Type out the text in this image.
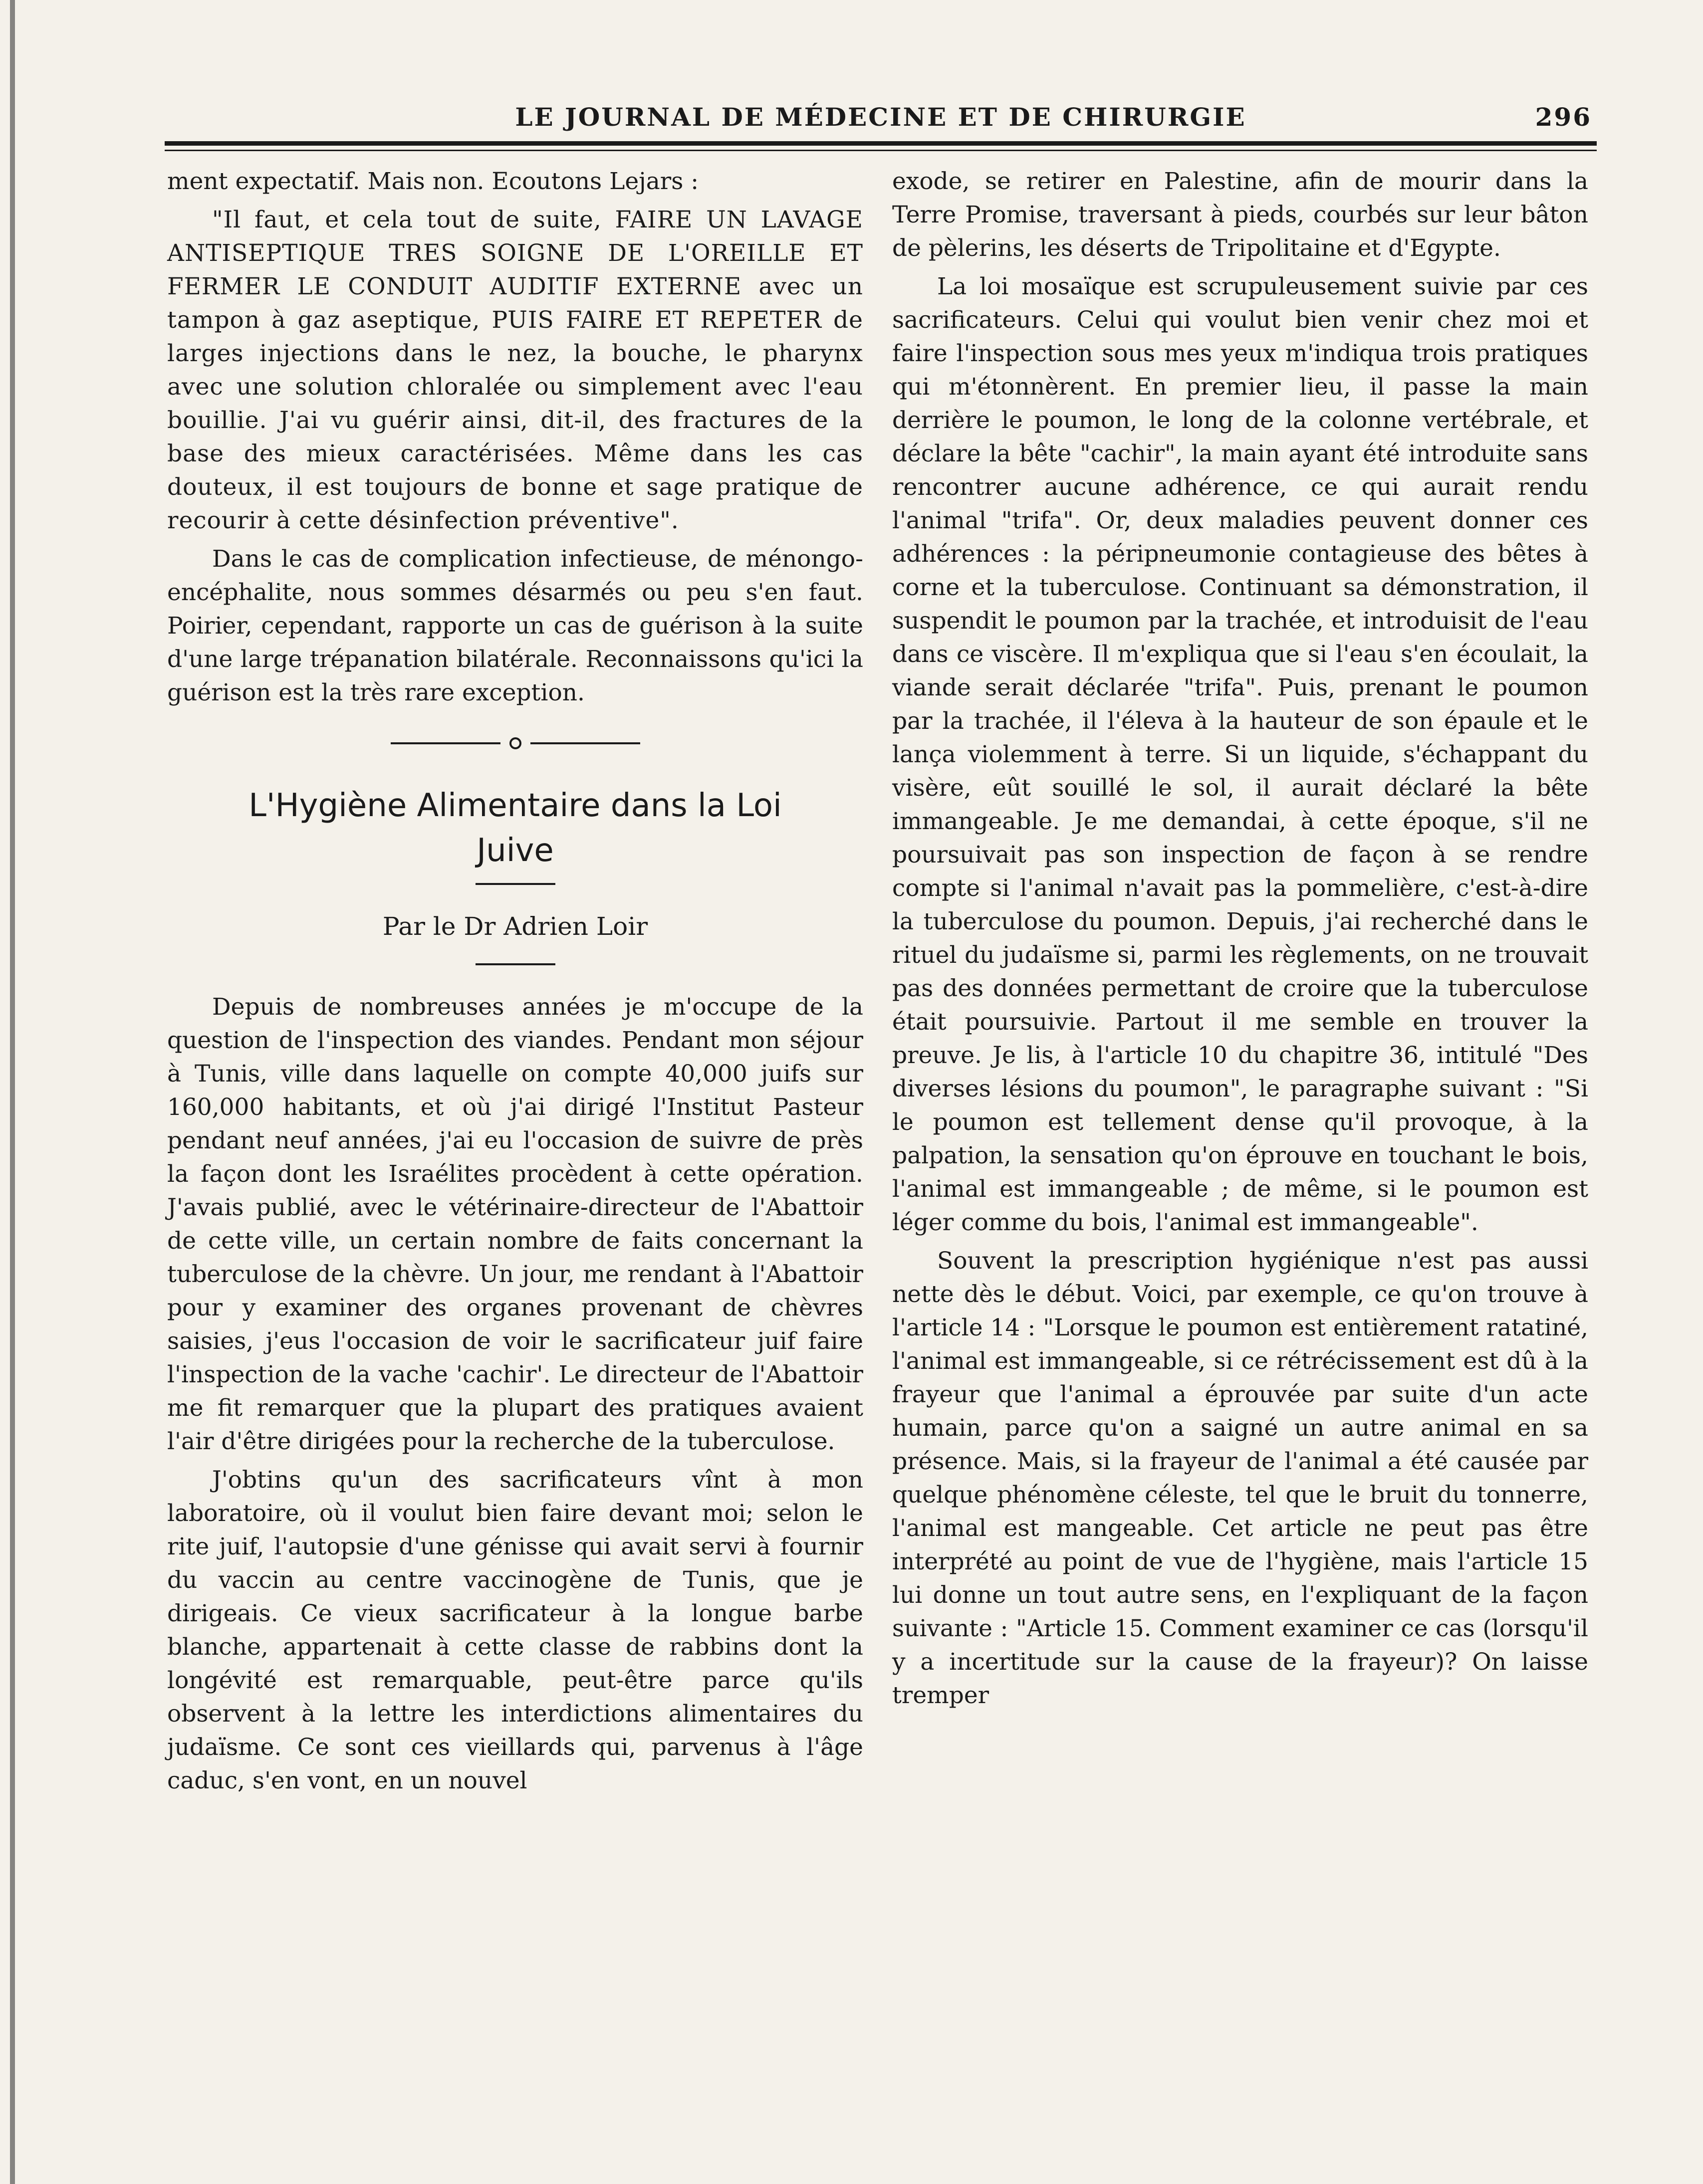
LE JOURNAL DE MÉDECINE ET DE CHIRURGIE	296

ment expectatif. Mais non. Ecoutons Lejars :

"Il faut, et cela tout de suite, FAIRE UN LAVAGE ANTISEPTIQUE TRES SOIGNE DE L'OREILLE ET FERMER LE CONDUIT AUDITIF EXTERNE avec un tampon à gaz aseptique, PUIS FAIRE ET REPETER de larges injections dans le nez, la bouche, le pharynx avec une solution chloralée ou simplement avec l'eau bouillie. J'ai vu guérir ainsi, dit-il, des fractures de la base des mieux caractérisées. Même dans les cas douteux, il est toujours de bonne et sage pratique de recourir à cette désinfection préventive".

Dans le cas de complication infectieuse, de ménongo-encéphalite, nous sommes désarmés ou peu s'en faut. Poirier, cependant, rapporte un cas de guérison à la suite d'une large trépanation bilatérale. Reconnaissons qu'ici la guérison est la très rare exception.

L'Hygiène Alimentaire dans la Loi Juive
Par le Dr Adrien Loir

Depuis de nombreuses années je m'occupe de la question de l'inspection des viandes. Pendant mon séjour à Tunis, ville dans laquelle on compte 40,000 juifs sur 160,000 habitants, et où j'ai dirigé l'Institut Pasteur pendant neuf années, j'ai eu l'occasion de suivre de près la façon dont les Israélites procèdent à cette opération. J'avais publié, avec le vétérinaire-directeur de l'Abattoir de cette ville, un certain nombre de faits concernant la tuberculose de la chèvre. Un jour, me rendant à l'Abattoir pour y examiner des organes provenant de chèvres saisies, j'eus l'occasion de voir le sacrificateur juif faire l'inspection de la vache 'cachir'. Le directeur de l'Abattoir me fit remarquer que la plupart des pratiques avaient l'air d'être dirigées pour la recherche de la tuberculose.

J'obtins qu'un des sacrificateurs vînt à mon laboratoire, où il voulut bien faire devant moi; selon le rite juif, l'autopsie d'une génisse qui avait servi à fournir du vaccin au centre vaccinogène de Tunis, que je dirigeais. Ce vieux sacrificateur à la longue barbe blanche, appartenait à cette classe de rabbins dont la longévité est remarquable, peut-être parce qu'ils observent à la lettre les interdictions alimentaires du judaïsme. Ce sont ces vieillards qui, parvenus à l'âge caduc, s'en vont, en un nouvel

exode, se retirer en Palestine, afin de mourir dans la Terre Promise, traversant à pieds, courbés sur leur bâton de pèlerins, les déserts de Tripolitaine et d'Egypte.

La loi mosaïque est scrupuleusement suivie par ces sacrificateurs. Celui qui voulut bien venir chez moi et faire l'inspection sous mes yeux m'indiqua trois pratiques qui m'étonnèrent. En premier lieu, il passe la main derrière le poumon, le long de la colonne vertébrale, et déclare la bête "cachir", la main ayant été introduite sans rencontrer aucune adhérence, ce qui aurait rendu l'animal "trifa". Or, deux maladies peuvent donner ces adhérences : la péripneumonie contagieuse des bêtes à corne et la tuberculose. Continuant sa démonstration, il suspendit le poumon par la trachée, et introduisit de l'eau dans ce viscère. Il m'expliqua que si l'eau s'en écoulait, la viande serait déclarée "trifa". Puis, prenant le poumon par la trachée, il l'éleva à la hauteur de son épaule et le lança violemment à terre. Si un liquide, s'échappant du visère, eût souillé le sol, il aurait déclaré la bête immangeable. Je me demandai, à cette époque, s'il ne poursuivait pas son inspection de façon à se rendre compte si l'animal n'avait pas la pommelière, c'est-à-dire la tuberculose du poumon. Depuis, j'ai recherché dans le rituel du judaïsme si, parmi les règlements, on ne trouvait pas des données permettant de croire que la tuberculose était poursuivie. Partout il me semble en trouver la preuve. Je lis, à l'article 10 du chapitre 36, intitulé "Des diverses lésions du poumon", le paragraphe suivant : "Si le poumon est tellement dense qu'il provoque, à la palpation, la sensation qu'on éprouve en touchant le bois, l'animal est immangeable ; de même, si le poumon est léger comme du bois, l'animal est immangeable".

Souvent la prescription hygiénique n'est pas aussi nette dès le début. Voici, par exemple, ce qu'on trouve à l'article 14 : "Lorsque le poumon est entièrement ratatiné, l'animal est immangeable, si ce rétrécissement est dû à la frayeur que l'animal a éprouvée par suite d'un acte humain, parce qu'on a saigné un autre animal en sa présence. Mais, si la frayeur de l'animal a été causée par quelque phénomène céleste, tel que le bruit du tonnerre, l'animal est mangeable. Cet article ne peut pas être interprété au point de vue de l'hygiène, mais l'article 15 lui donne un tout autre sens, en l'expliquant de la façon suivante : "Article 15. Comment examiner ce cas (lorsqu'il y a incertitude sur la cause de la frayeur)? On laisse tremper
